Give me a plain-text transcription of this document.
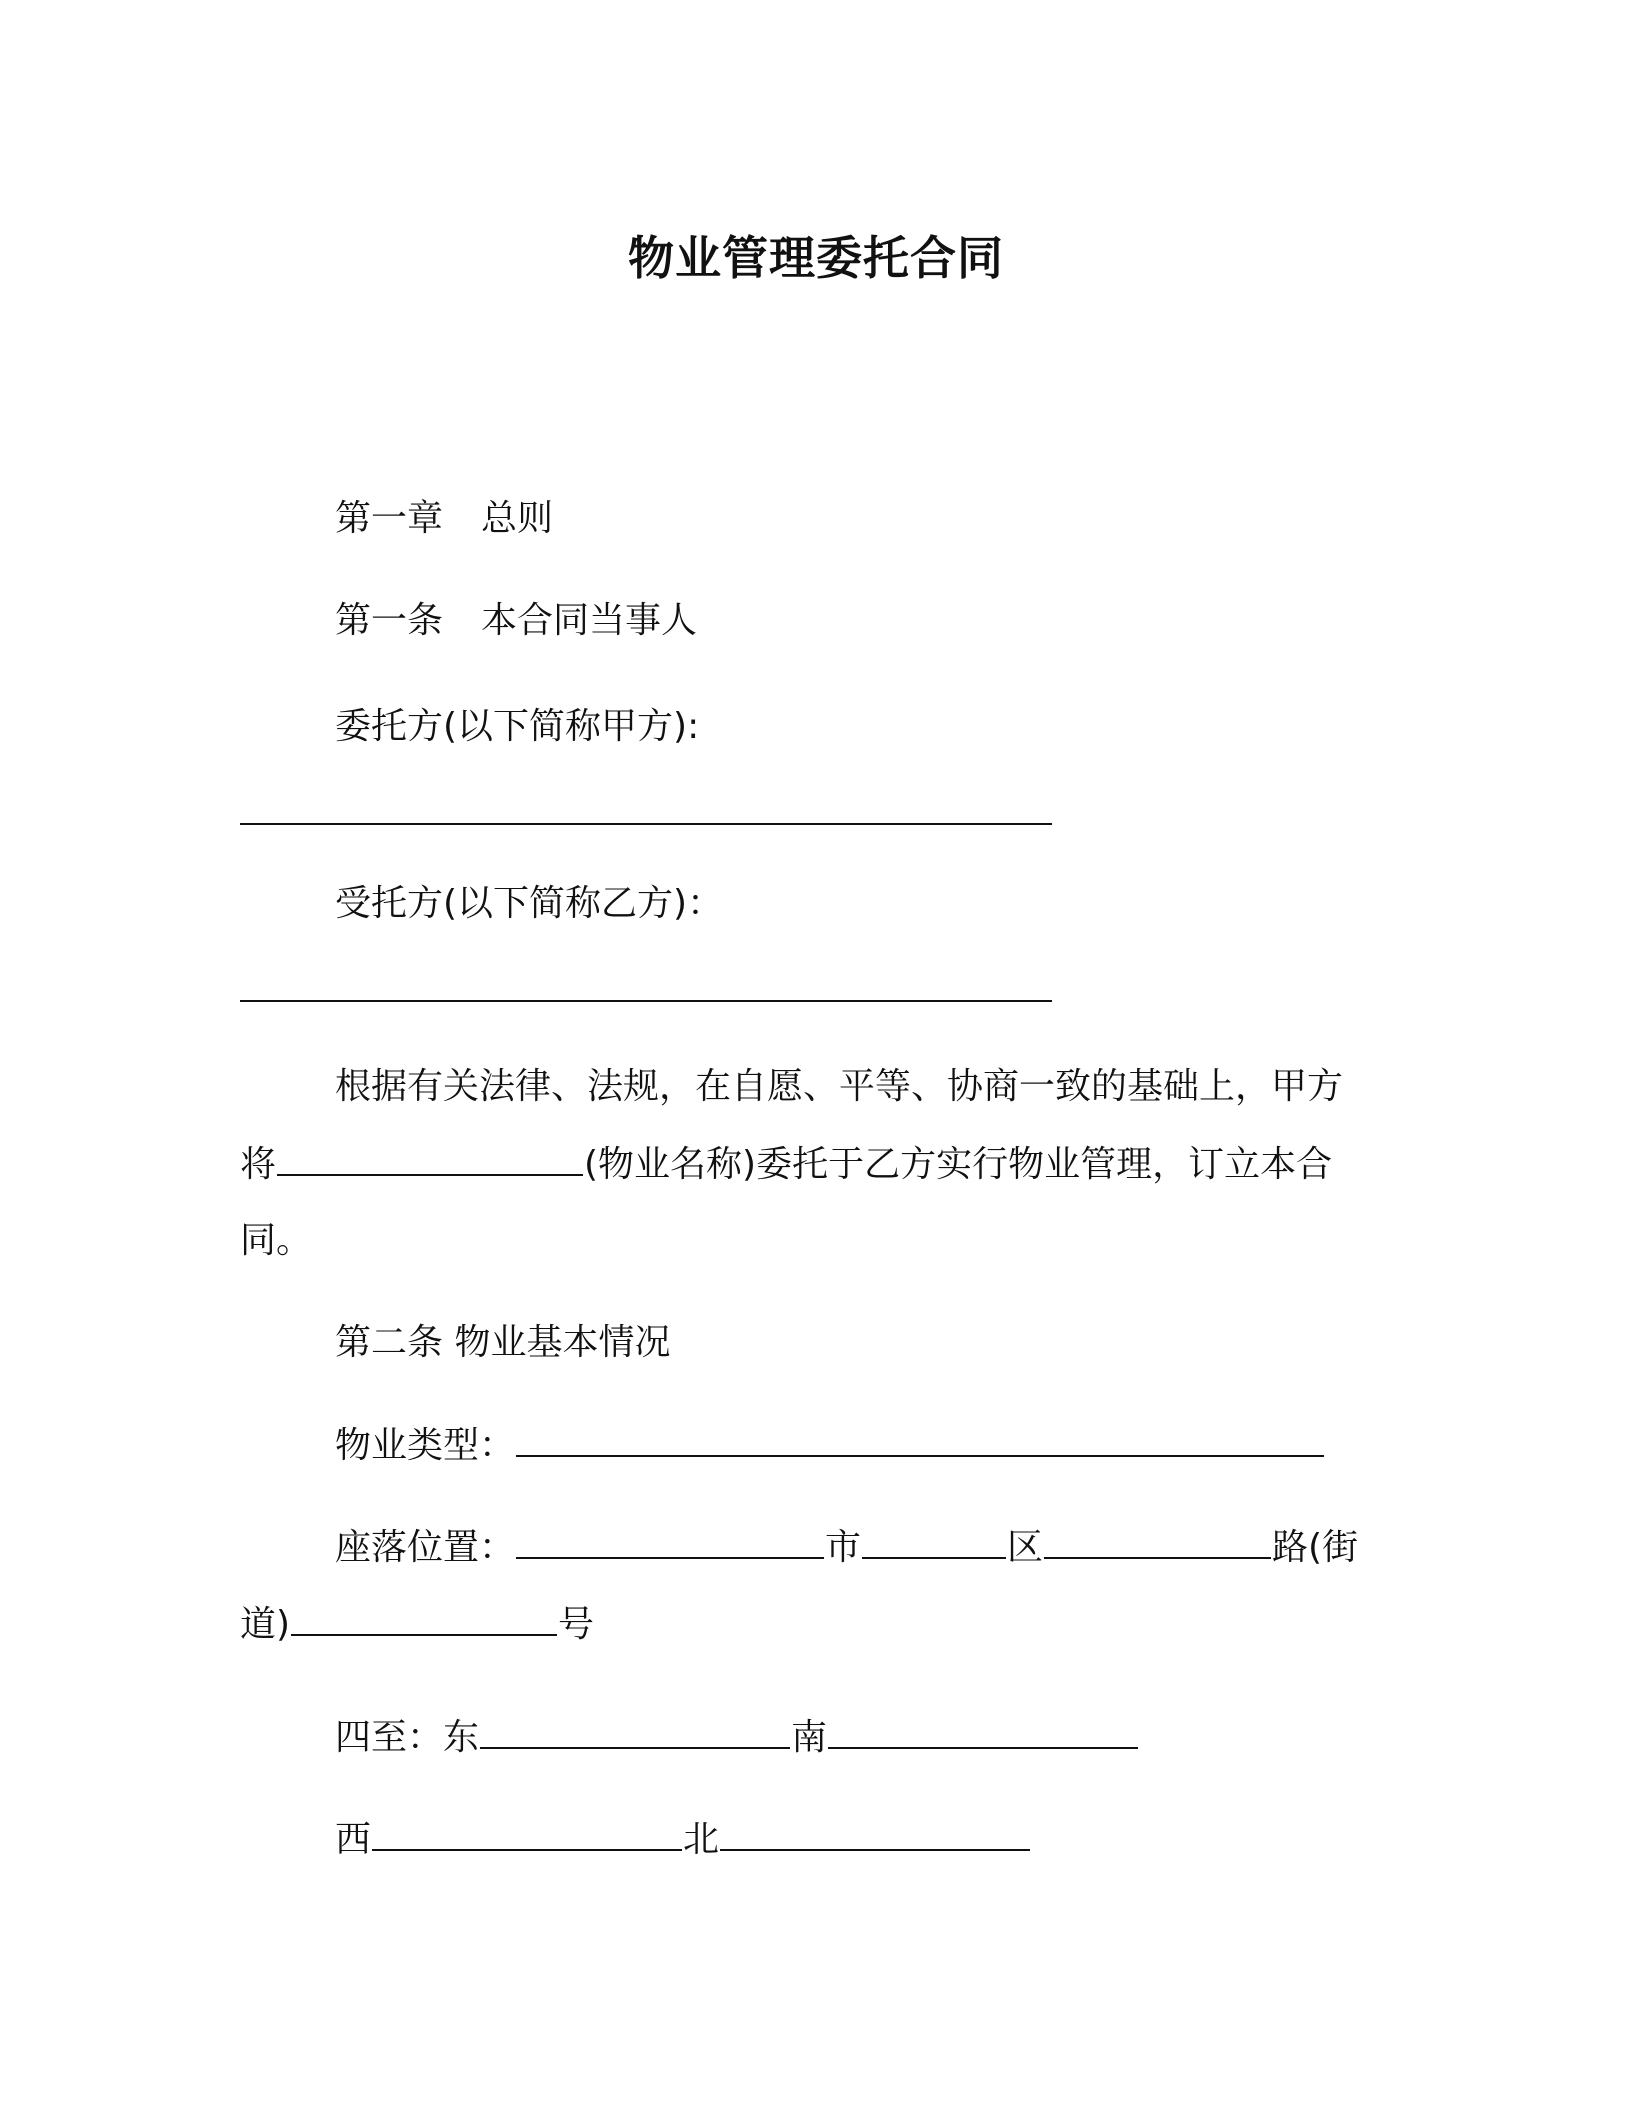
物业管理委托合同
第一章 总则
第一条 本合同当事人
委托方(以下简称甲方):
受托方(以下简称乙方)：
根据有关法律、法规，在自愿、平等、协商一致的基础上，甲方
将	(物业名称)委托于乙方实行物业管理，订立本合
同。
第二条 物业基本情况
物业类型：
座落位置：	市	区	路(街
道)	号
四至：东	南
西	北
